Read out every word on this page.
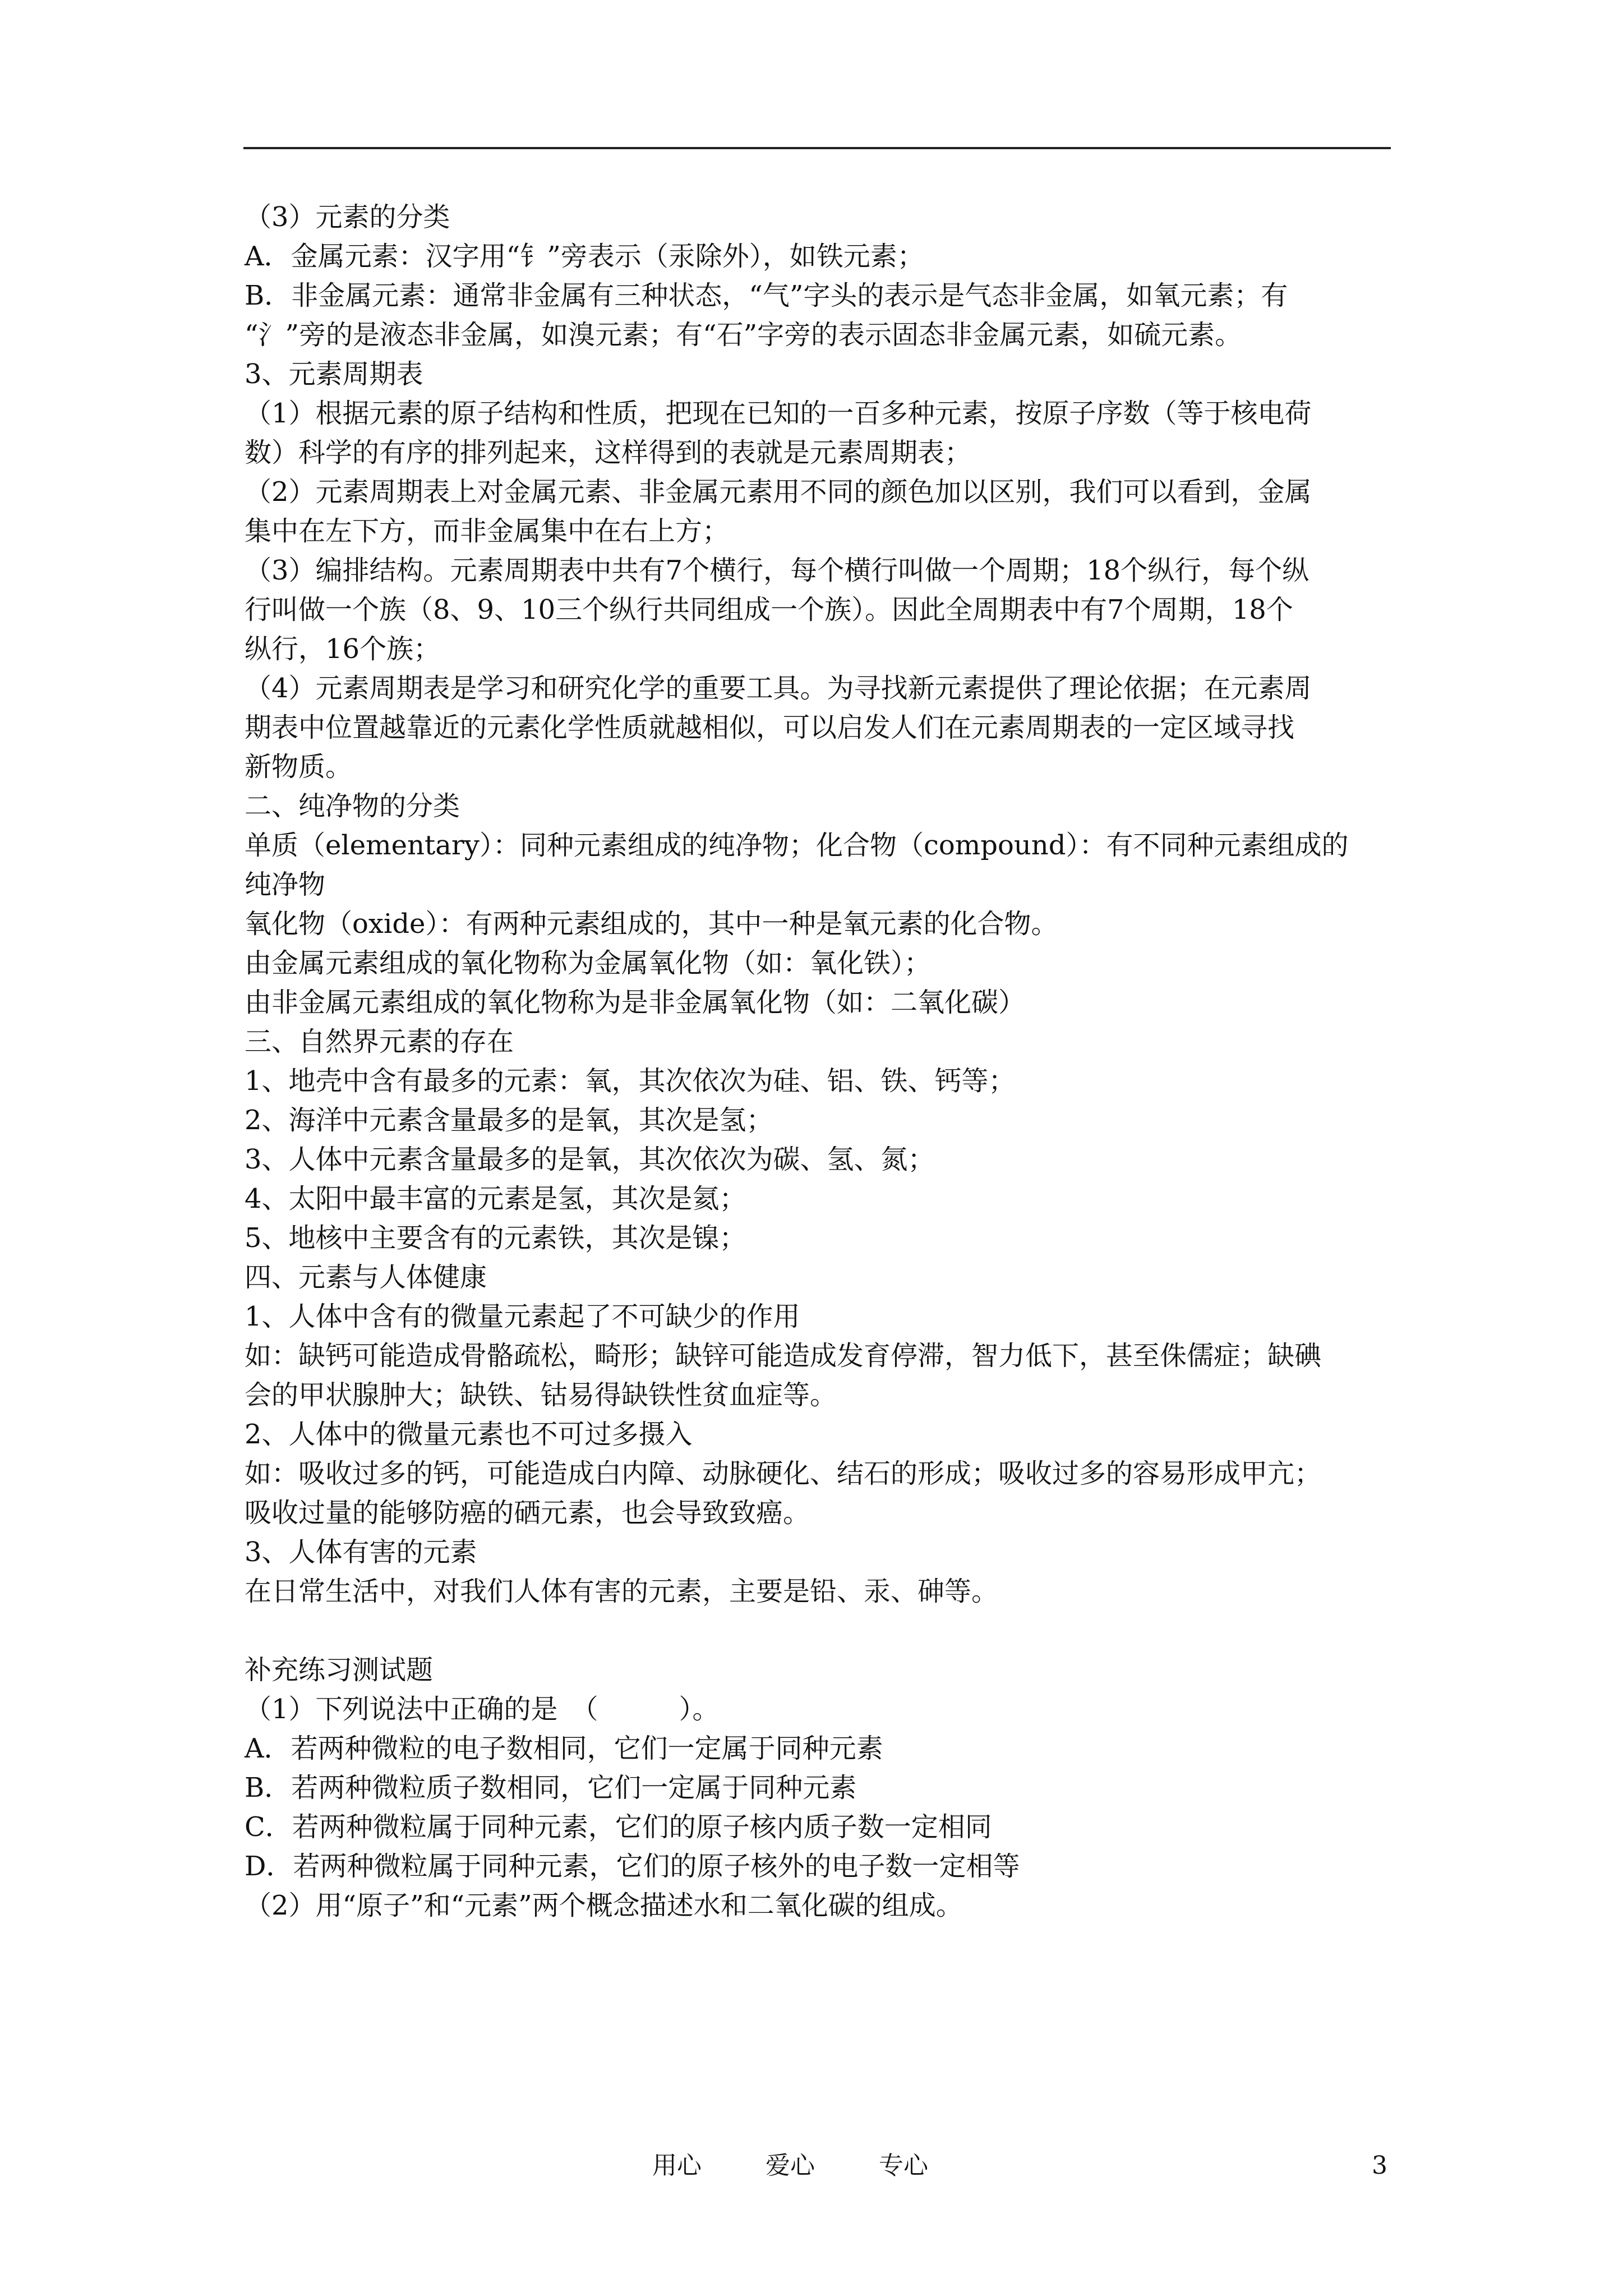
（3）元素的分类
A．金属元素：汉字用“钅”旁表示（汞除外），如铁元素；
B．非金属元素：通常非金属有三种状态，“气”字头的表示是气态非金属，如氧元素；有
“氵”旁的是液态非金属，如溴元素；有“石”字旁的表示固态非金属元素，如硫元素。
3、元素周期表
（1）根据元素的原子结构和性质，把现在已知的一百多种元素，按原子序数（等于核电荷
数）科学的有序的排列起来，这样得到的表就是元素周期表；
（2）元素周期表上对金属元素、非金属元素用不同的颜色加以区别，我们可以看到，金属
集中在左下方，而非金属集中在右上方；
（3）编排结构。元素周期表中共有7个横行，每个横行叫做一个周期；18个纵行，每个纵
行叫做一个族（8、9、10三个纵行共同组成一个族）。因此全周期表中有7个周期，18个
纵行，16个族；
（4）元素周期表是学习和研究化学的重要工具。为寻找新元素提供了理论依据；在元素周
期表中位置越靠近的元素化学性质就越相似，可以启发人们在元素周期表的一定区域寻找
新物质。
二、纯净物的分类
单质（elementary）：同种元素组成的纯净物；化合物（compound）：有不同种元素组成的
纯净物
氧化物（oxide）：有两种元素组成的，其中一种是氧元素的化合物。
由金属元素组成的氧化物称为金属氧化物（如：氧化铁）；
由非金属元素组成的氧化物称为是非金属氧化物（如：二氧化碳）
三、自然界元素的存在
1、地壳中含有最多的元素：氧，其次依次为硅、铝、铁、钙等；
2、海洋中元素含量最多的是氧，其次是氢；
3、人体中元素含量最多的是氧，其次依次为碳、氢、氮；
4、太阳中最丰富的元素是氢，其次是氦；
5、地核中主要含有的元素铁，其次是镍；
四、元素与人体健康
1、人体中含有的微量元素起了不可缺少的作用
如：缺钙可能造成骨骼疏松，畸形；缺锌可能造成发育停滞，智力低下，甚至侏儒症；缺碘
会的甲状腺肿大；缺铁、钴易得缺铁性贫血症等。
2、人体中的微量元素也不可过多摄入
如：吸收过多的钙，可能造成白内障、动脉硬化、结石的形成；吸收过多的容易形成甲亢；
吸收过量的能够防癌的硒元素，也会导致致癌。
3、人体有害的元素
在日常生活中，对我们人体有害的元素，主要是铅、汞、砷等。
补充练习测试题
（1）下列说法中正确的是　（　　　）。
A．若两种微粒的电子数相同，它们一定属于同种元素
B．若两种微粒质子数相同，它们一定属于同种元素
C．若两种微粒属于同种元素，它们的原子核内质子数一定相同
D．若两种微粒属于同种元素，它们的原子核外的电子数一定相等
（2）用“原子”和“元素”两个概念描述水和二氧化碳的组成。
用心 爱心 专心	3
